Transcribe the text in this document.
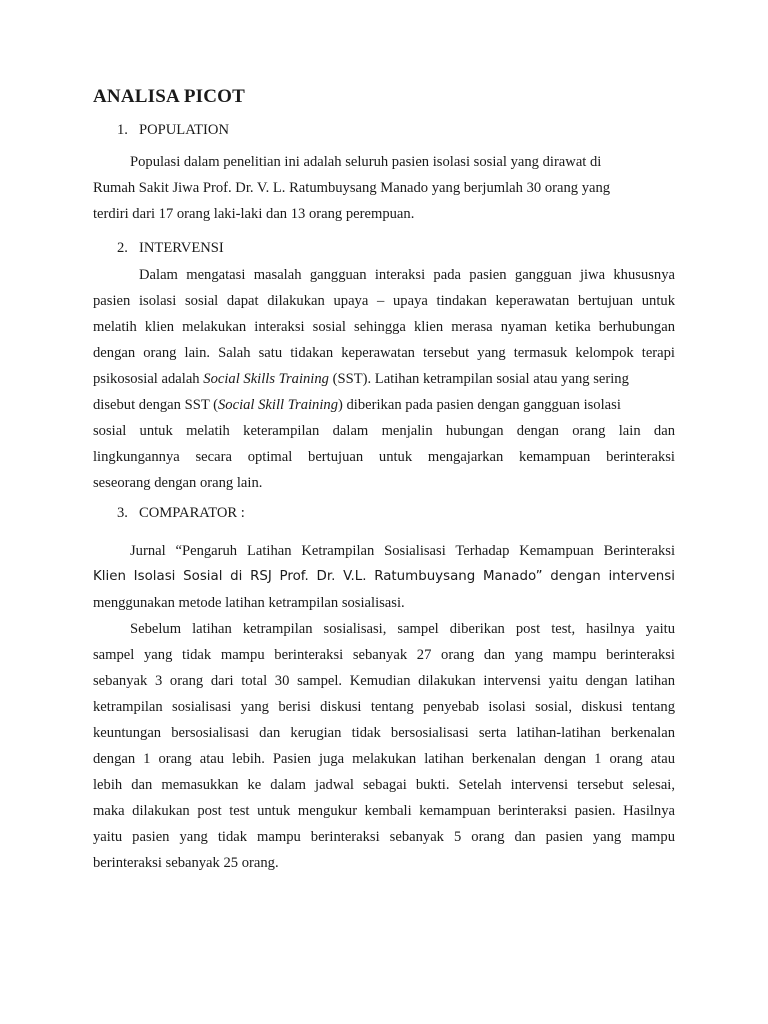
ANALISA PICOT
1. POPULATION
Populasi dalam penelitian ini adalah seluruh pasien isolasi sosial yang dirawat di
Rumah Sakit Jiwa Prof. Dr. V. L. Ratumbuysang Manado yang berjumlah 30 orang yang
terdiri dari 17 orang laki-laki dan 13 orang perempuan.
2. INTERVENSI
Dalam mengatasi masalah gangguan interaksi pada pasien gangguan jiwa khususnya
pasien isolasi sosial dapat dilakukan upaya – upaya tindakan keperawatan bertujuan untuk
melatih klien melakukan interaksi sosial sehingga klien merasa nyaman ketika berhubungan
dengan orang lain. Salah satu tidakan keperawatan tersebut yang termasuk kelompok terapi
psikososial adalah Social Skills Training (SST). Latihan ketrampilan sosial atau yang sering
disebut dengan SST (Social Skill Training) diberikan pada pasien dengan gangguan isolasi
sosial untuk melatih keterampilan dalam menjalin hubungan dengan orang lain dan
lingkungannya secara optimal bertujuan untuk mengajarkan kemampuan berinteraksi
seseorang dengan orang lain.
3. COMPARATOR :
Jurnal “Pengaruh Latihan Ketrampilan Sosialisasi Terhadap Kemampuan Berinteraksi
Klien Isolasi Sosial di RSJ Prof. Dr. V.L. Ratumbuysang Manado” dengan intervensi
menggunakan metode latihan ketrampilan sosialisasi.
Sebelum latihan ketrampilan sosialisasi, sampel diberikan post test, hasilnya yaitu
sampel yang tidak mampu berinteraksi sebanyak 27 orang dan yang mampu berinteraksi
sebanyak 3 orang dari total 30 sampel. Kemudian dilakukan intervensi yaitu dengan latihan
ketrampilan sosialisasi yang berisi diskusi tentang penyebab isolasi sosial, diskusi tentang
keuntungan bersosialisasi dan kerugian tidak bersosialisasi serta latihan-latihan berkenalan
dengan 1 orang atau lebih. Pasien juga melakukan latihan berkenalan dengan 1 orang atau
lebih dan memasukkan ke dalam jadwal sebagai bukti. Setelah intervensi tersebut selesai,
maka dilakukan post test untuk mengukur kembali kemampuan berinteraksi pasien. Hasilnya
yaitu pasien yang tidak mampu berinteraksi sebanyak 5 orang dan pasien yang mampu
berinteraksi sebanyak 25 orang.
